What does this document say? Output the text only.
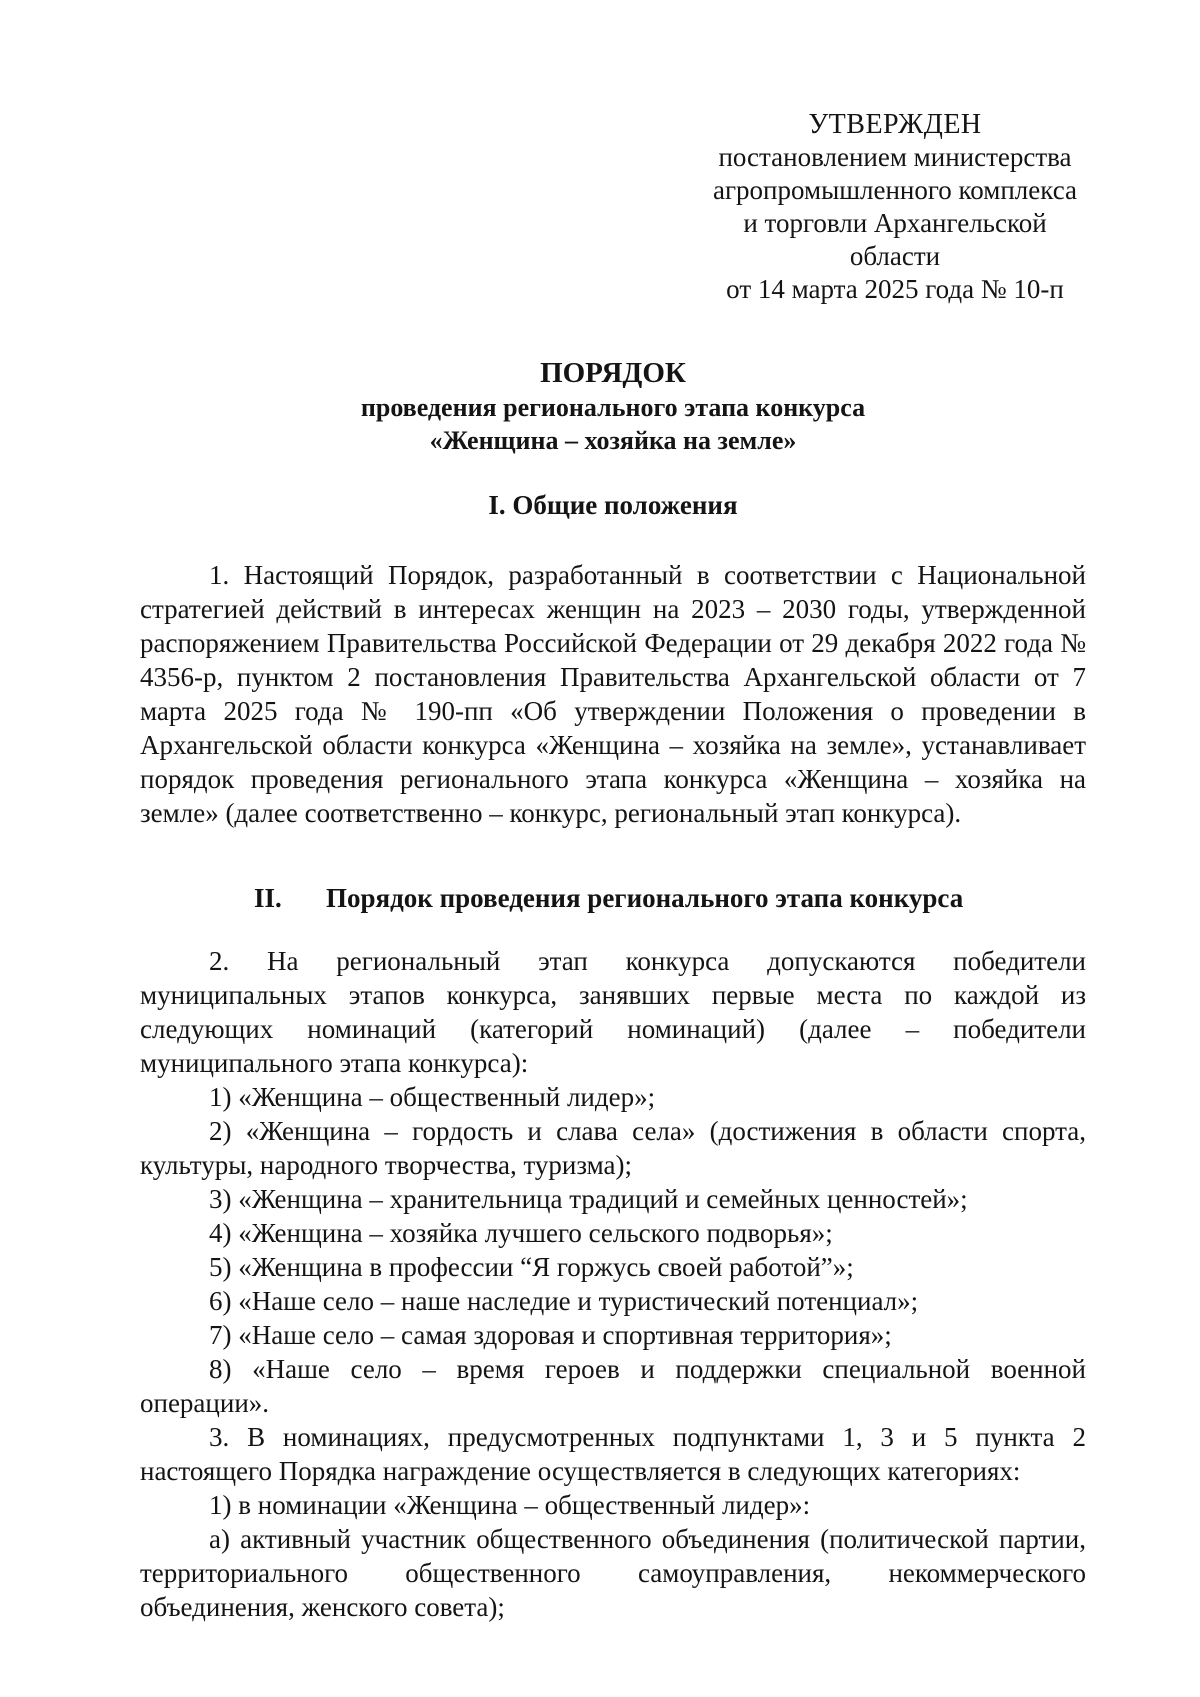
УТВЕРЖДЕН
постановлением министерства
агропромышленного комплекса
и торговли Архангельской
области
от 14 марта 2025 года № 10-п
ПОРЯДОК
проведения регионального этапа конкурса
«Женщина – хозяйка на земле»
I. Общие положения

1. Настоящий Порядок, разработанный в соответствии с Национальной стратегией действий в интересах женщин на 2023 – 2030 годы, утвержденной распоряжением Правительства Российской Федерации от 29 декабря 2022 года № 4356-р, пунктом 2 постановления Правительства Архангельской области от 7 марта 2025 года № 190-пп «Об утверждении Положения о проведении в Архангельской области конкурса «Женщина – хозяйка на земле», устанавливает порядок проведения регионального этапа конкурса «Женщина – хозяйка на земле» (далее соответственно – конкурс, региональный этап конкурса).

II. Порядок проведения регионального этапа конкурса

2. На региональный этап конкурса допускаются победители муниципальных этапов конкурса, занявших первые места по каждой из следующих номинаций (категорий номинаций) (далее – победители муниципального этапа конкурса):

1) «Женщина – общественный лидер»;

2) «Женщина – гордость и слава села» (достижения в области спорта, культуры, народного творчества, туризма);

3) «Женщина – хранительница традиций и семейных ценностей»;

4) «Женщина – хозяйка лучшего сельского подворья»;

5) «Женщина в профессии “Я горжусь своей работой”»;

6) «Наше село – наше наследие и туристический потенциал»;

7) «Наше село – самая здоровая и спортивная территория»;

8) «Наше село – время героев и поддержки специальной военной операции».

3. В номинациях, предусмотренных подпунктами 1, 3 и 5 пункта 2 настоящего Порядка награждение осуществляется в следующих категориях:

1) в номинации «Женщина – общественный лидер»:

а) активный участник общественного объединения (политической партии, территориального общественного самоуправления, некоммерческого объединения, женского совета);
